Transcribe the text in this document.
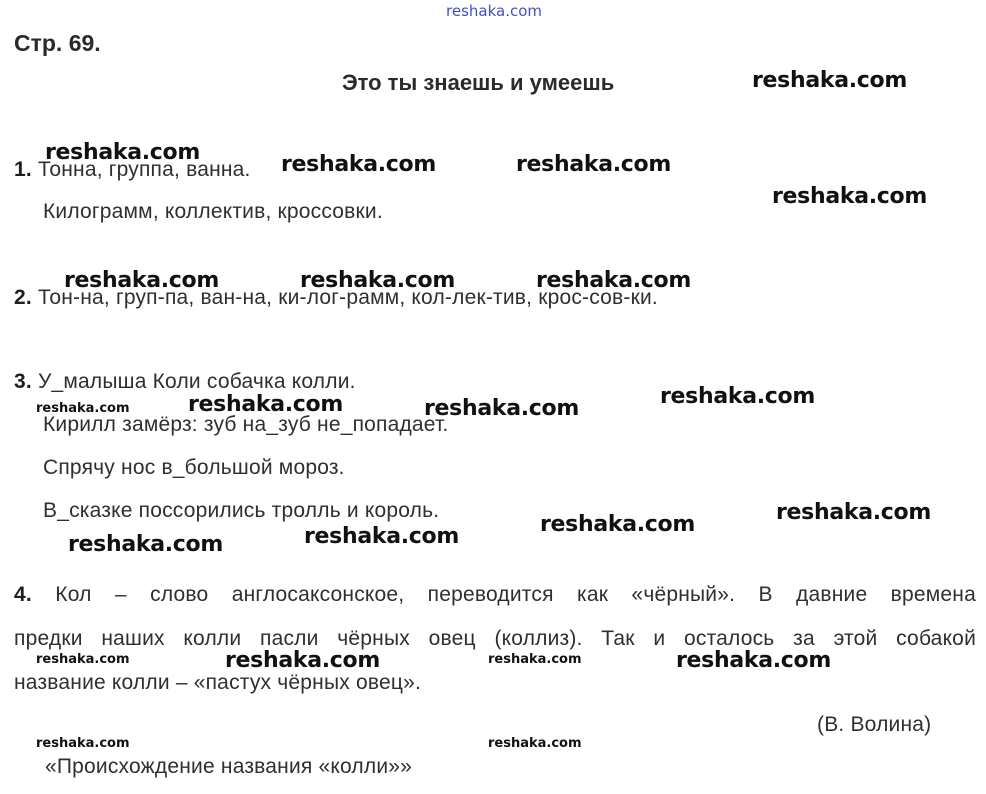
reshaka.com
Стр. 69.
Это ты знаешь и умеешь
1. Тонна, группа, ванна.
Килограмм, коллектив, кроссовки.
2. Тон-на, груп-па, ван-на, ки-лог-рамм, кол-лек-тив, крос-сов-ки.
3. У_малыша Коли собачка колли.
Кирилл замёрз: зуб на_зуб не_попадает.
Спрячу нос в_большой мороз.
В_сказке поссорились тролль и король.
4. Кол – слово англосаксонское, переводится как «чёрный». В давние времена
предки наших колли пасли чёрных овец (коллиз). Так и осталось за этой собакой
название колли – «пастух чёрных овец».
(В. Волина)
«Происхождение названия «колли»»
reshaka.com
reshaka.com	reshaka.com	reshaka.com
reshaka.com
reshaka.com	reshaka.com	reshaka.com
reshaka.com	reshaka.com	reshaka.com
reshaka.com
reshaka.com
reshaka.com
reshaka.com
reshaka.com	reshaka.com
reshaka.com
reshaka.com	reshaka.com
reshaka.com	reshaka.com
